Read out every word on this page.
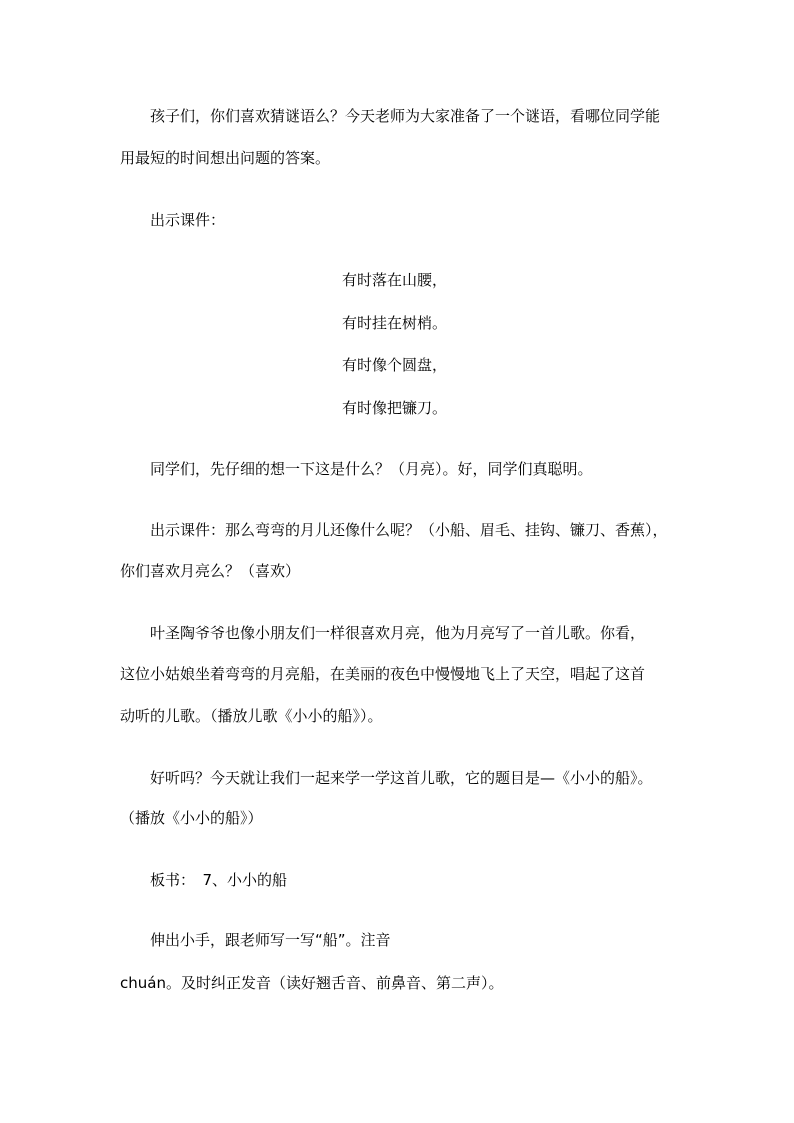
孩子们，你们喜欢猜谜语么？今天老师为大家准备了一个谜语，看哪位同学能
用最短的时间想出问题的答案。
出示课件：
有时落在山腰，
有时挂在树梢。
有时像个圆盘，
有时像把镰刀。
同学们，先仔细的想一下这是什么？（月亮）。好，同学们真聪明。
出示课件：那么弯弯的月儿还像什么呢？（小船、眉毛、挂钩、镰刀、香蕉），
你们喜欢月亮么？（喜欢）
叶圣陶爷爷也像小朋友们一样很喜欢月亮，他为月亮写了一首儿歌。你看，
这位小姑娘坐着弯弯的月亮船，在美丽的夜色中慢慢地飞上了天空，唱起了这首
动听的儿歌。（播放儿歌《小小的船》）。
好听吗？今天就让我们一起来学一学这首儿歌，它的题目是—《小小的船》。
（播放《小小的船》）
板书：　7、小小的船
伸出小手，跟老师写一写“船”。注音
chuán。及时纠正发音（读好翘舌音、前鼻音、第二声）。
